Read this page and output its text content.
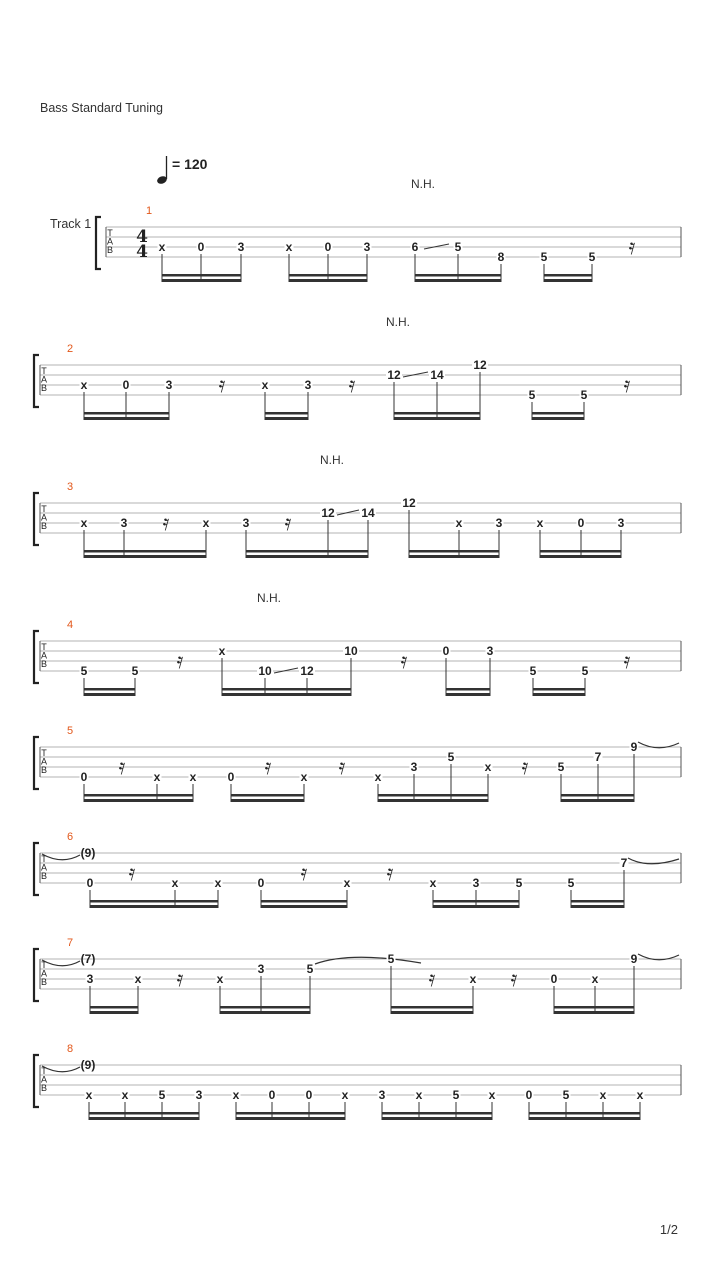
Bass Standard Tuning
= 120
Track 1
T
A
B
4
4
1
N.H.
x	0	3	x	0	3	6	5
8	5	5 𝄿
T
A
B
2
N.H.
x	0	3 𝄿	x	3 𝄿	12 14
12
5	5 𝄿
T
A
B
3
N.H.
x	3 𝄿	x	3 𝄿 12 14
12
x	3	x	0	3
T
A
B
4
N.H.
5	5 𝄿	x
10 12
10 𝄿	0	3
5	5 𝄿
T
A
B
5
0 𝄿 x x	0 𝄿 x 𝄿 x
3
5
x 𝄿 5
7
9
T
A
B
6
(9)
0 𝄿	x	x	0 𝄿	x 𝄿	x	3	5	5
7
T
A
B
7
(7)
3	x 𝄿	x
3	5
5
𝄿	x 𝄿	0	x
9
T
A
B
8
(9)
x x	5	3	x 0	0 x	3	x	5 x	0	5	x	x
1/2
